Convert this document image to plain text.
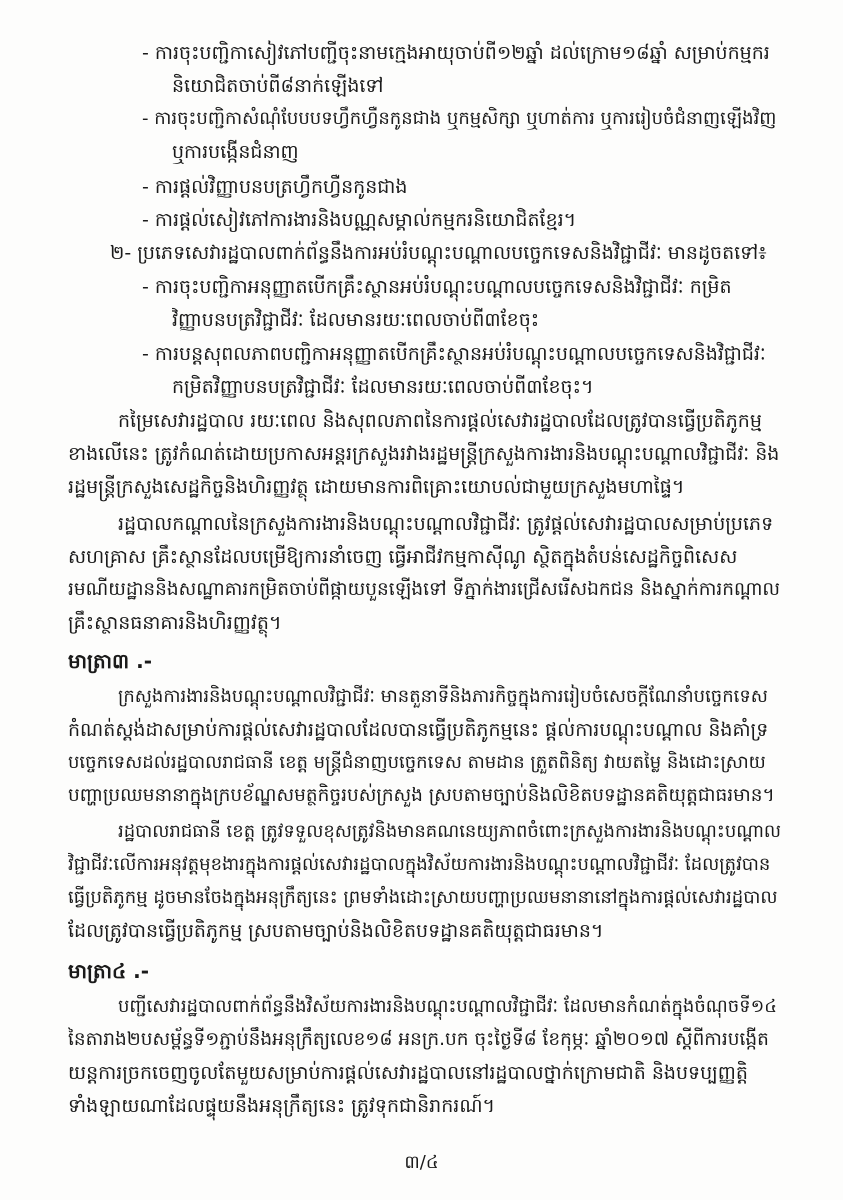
- ការចុះបញ្ជិកាសៀវភៅបញ្ជីចុះនាមក្មេងអាយុចាប់ពី១២ឆ្នាំ ដល់ក្រោម១៨ឆ្នាំ សម្រាប់កម្មករ
និយោជិតចាប់ពី៨នាក់ឡើងទៅ
- ការចុះបញ្ជិកាសំណុំបែបបទហ្វឹកហ្វឺនកូនជាង ឬកម្មសិក្សា ឬហាត់ការ ឬការរៀបចំជំនាញឡើងវិញ
ឬការបង្កើនជំនាញ
- ការផ្ដល់វិញ្ញាបនបត្រហ្វឹកហ្វឺនកូនជាង
- ការផ្ដល់សៀវភៅការងារនិងបណ្ណសម្គាល់កម្មករនិយោជិតខ្មែរ។
២- ប្រភេទសេវារដ្ឋបាលពាក់ព័ន្ធនឹងការអប់រំបណ្ដុះបណ្ដាលបច្ចេកទេសនិងវិជ្ជាជីវៈ មានដូចតទៅ៖
- ការចុះបញ្ជិកាអនុញ្ញាតបើកគ្រឹះស្ថានអប់រំបណ្ដុះបណ្ដាលបច្ចេកទេសនិងវិជ្ជាជីវៈ កម្រិត
វិញ្ញាបនបត្រវិជ្ជាជីវៈ ដែលមានរយៈពេលចាប់ពី៣ខែចុះ
- ការបន្តសុពលភាពបញ្ជិកាអនុញ្ញាតបើកគ្រឹះស្ថានអប់រំបណ្ដុះបណ្ដាលបច្ចេកទេសនិងវិជ្ជាជីវៈ
កម្រិតវិញ្ញាបនបត្រវិជ្ជាជីវៈ ដែលមានរយៈពេលចាប់ពី៣ខែចុះ។
កម្រៃសេវារដ្ឋបាល រយៈពេល និងសុពលភាពនៃការផ្ដល់សេវារដ្ឋបាលដែលត្រូវបានធ្វើប្រតិភូកម្ម
ខាងលើនេះ ត្រូវកំណត់ដោយប្រកាសអន្តរក្រសួងរវាងរដ្ឋមន្ត្រីក្រសួងការងារនិងបណ្ដុះបណ្ដាលវិជ្ជាជីវៈ និង
រដ្ឋមន្ត្រីក្រសួងសេដ្ឋកិច្ចនិងហិរញ្ញវត្ថុ ដោយមានការពិគ្រោះយោបល់ជាមួយក្រសួងមហាផ្ទៃ។
រដ្ឋបាលកណ្ដាលនៃក្រសួងការងារនិងបណ្ដុះបណ្ដាលវិជ្ជាជីវៈ ត្រូវផ្ដល់សេវារដ្ឋបាលសម្រាប់ប្រភេទ
សហគ្រាស គ្រឹះស្ថានដែលបម្រើឱ្យការនាំចេញ ធ្វើអាជីវកម្មកាស៊ីណូ ស្ថិតក្នុងតំបន់សេដ្ឋកិច្ចពិសេស
រមណីយដ្ឋាននិងសណ្ឋាគារកម្រិតចាប់ពីផ្កាយបួនឡើងទៅ ទីភ្នាក់ងារជ្រើសរើសឯកជន និងស្នាក់ការកណ្ដាល
គ្រឹះស្ថានធនាគារនិងហិរញ្ញវត្ថុ។
មាត្រា៣ .-
ក្រសួងការងារនិងបណ្ដុះបណ្ដាលវិជ្ជាជីវៈ មានតួនាទីនិងភារកិច្ចក្នុងការរៀបចំសេចក្ដីណែនាំបច្ចេកទេស
កំណត់ស្ដង់ដាសម្រាប់ការផ្ដល់សេវារដ្ឋបាលដែលបានធ្វើប្រតិភូកម្មនេះ ផ្ដល់ការបណ្ដុះបណ្ដាល និងគាំទ្រ
បច្ចេកទេសដល់រដ្ឋបាលរាជធានី ខេត្ត មន្ត្រីជំនាញបច្ចេកទេស តាមដាន ត្រួតពិនិត្យ វាយតម្លៃ និងដោះស្រាយ
បញ្ហាប្រឈមនានាក្នុងក្របខ័ណ្ឌសមត្ថកិច្ចរបស់ក្រសួង ស្របតាមច្បាប់និងលិខិតបទដ្ឋានគតិយុត្តជាធរមាន។
រដ្ឋបាលរាជធានី ខេត្ត ត្រូវទទួលខុសត្រូវនិងមានគណនេយ្យភាពចំពោះក្រសួងការងារនិងបណ្ដុះបណ្ដាល
វិជ្ជាជីវៈលើការអនុវត្តមុខងារក្នុងការផ្ដល់សេវារដ្ឋបាលក្នុងវិស័យការងារនិងបណ្ដុះបណ្ដាលវិជ្ជាជីវៈ ដែលត្រូវបាន
ធ្វើប្រតិភូកម្ម ដូចមានចែងក្នុងអនុក្រឹត្យនេះ ព្រមទាំងដោះស្រាយបញ្ហាប្រឈមនានានៅក្នុងការផ្ដល់សេវារដ្ឋបាល
ដែលត្រូវបានធ្វើប្រតិភូកម្ម ស្របតាមច្បាប់និងលិខិតបទដ្ឋានគតិយុត្តជាធរមាន។
មាត្រា៤ .-
បញ្ជីសេវារដ្ឋបាលពាក់ព័ន្ធនឹងវិស័យការងារនិងបណ្ដុះបណ្ដាលវិជ្ជាជីវៈ ដែលមានកំណត់ក្នុងចំណុចទី១៤
នៃតារាង២បសម្ព័ន្ធទី១ភ្ជាប់នឹងអនុក្រឹត្យលេខ១៨ អនក្រ.បក ចុះថ្ងៃទី៨ ខែកុម្ភៈ ឆ្នាំ២០១៧ ស្ដីពីការបង្កើត
យន្តការច្រកចេញចូលតែមួយសម្រាប់ការផ្ដល់សេវារដ្ឋបាលនៅរដ្ឋបាលថ្នាក់ក្រោមជាតិ និងបទប្បញ្ញត្តិ
ទាំងឡាយណាដែលផ្ទុយនឹងអនុក្រឹត្យនេះ ត្រូវទុកជានិរាករណ៍។
៣/៤
